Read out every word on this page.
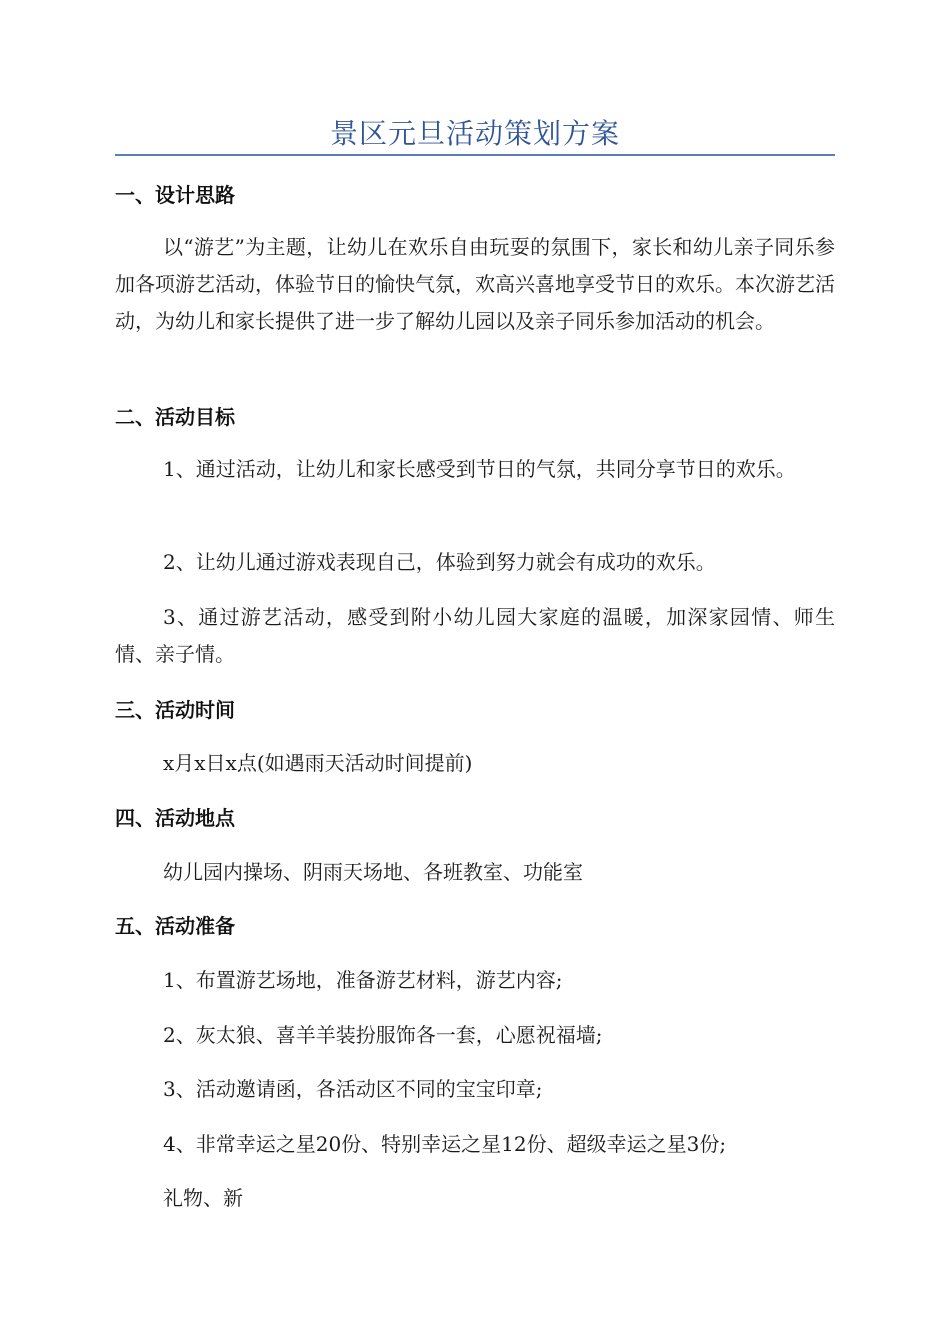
景区元旦活动策划方案
一、设计思路
以“游艺”为主题，让幼儿在欢乐自由玩耍的氛围下，家长和幼儿亲子同乐参加各项游艺活动，体验节日的愉快气氛，欢高兴喜地享受节日的欢乐。本次游艺活动，为幼儿和家长提供了进一步了解幼儿园以及亲子同乐参加活动的机会。
二、活动目标
1、通过活动，让幼儿和家长感受到节日的气氛，共同分享节日的欢乐。
2、让幼儿通过游戏表现自己，体验到努力就会有成功的欢乐。
3、通过游艺活动，感受到附小幼儿园大家庭的温暖，加深家园情、师生情、亲子情。
三、活动时间
x月x日x点(如遇雨天活动时间提前)
四、活动地点
幼儿园内操场、阴雨天场地、各班教室、功能室
五、活动准备
1、布置游艺场地，准备游艺材料，游艺内容;
2、灰太狼、喜羊羊装扮服饰各一套，心愿祝福墙;
3、活动邀请函，各活动区不同的宝宝印章;
4、非常幸运之星20份、特别幸运之星12份、超级幸运之星3份;
礼物、新
